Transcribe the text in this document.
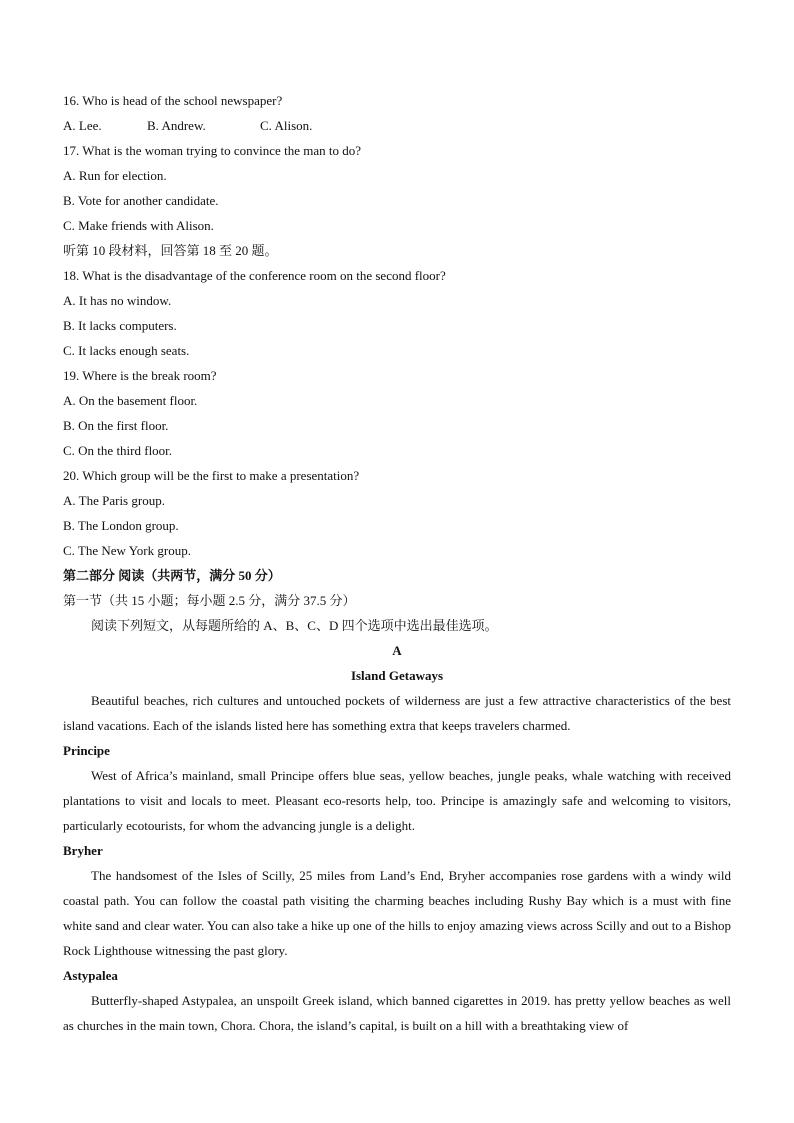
16. Who is head of the school newspaper?
A. Lee.	B. Andrew.	C. Alison.
17. What is the woman trying to convince the man to do?
A. Run for election.
B. Vote for another candidate.
C. Make friends with Alison.
听第 10 段材料，回答第 18 至 20 题。
18. What is the disadvantage of the conference room on the second floor?
A. It has no window.
B. It lacks computers.
C. It lacks enough seats.
19. Where is the break room?
A. On the basement floor.
B. On the first floor.
C. On the third floor.
20. Which group will be the first to make a presentation?
A. The Paris group.
B. The London group.
C. The New York group.
第二部分 阅读（共两节，满分 50 分）
第一节（共 15 小题；每小题 2.5 分，满分 37.5 分）
阅读下列短文，从每题所给的 A、B、C、D 四个选项中选出最佳选项。
A
Island Getaways
Beautiful beaches, rich cultures and untouched pockets of wilderness are just a few attractive characteristics of the best island vacations. Each of the islands listed here has something extra that keeps travelers charmed.
Principe
West of Africa’s mainland, small Principe offers blue seas, yellow beaches, jungle peaks, whale watching with received plantations to visit and locals to meet. Pleasant eco-resorts help, too. Principe is amazingly safe and welcoming to visitors, particularly ecotourists, for whom the advancing jungle is a delight.
Bryher
The handsomest of the Isles of Scilly, 25 miles from Land’s End, Bryher accompanies rose gardens with a windy wild coastal path. You can follow the coastal path visiting the charming beaches including Rushy Bay which is a must with fine white sand and clear water. You can also take a hike up one of the hills to enjoy amazing views across Scilly and out to a Bishop Rock Lighthouse witnessing the past glory.
Astypalea
Butterfly-shaped Astypalea, an unspoilt Greek island, which banned cigarettes in 2019. has pretty yellow beaches as well as churches in the main town, Chora. Chora, the island’s capital, is built on a hill with a breathtaking view of
